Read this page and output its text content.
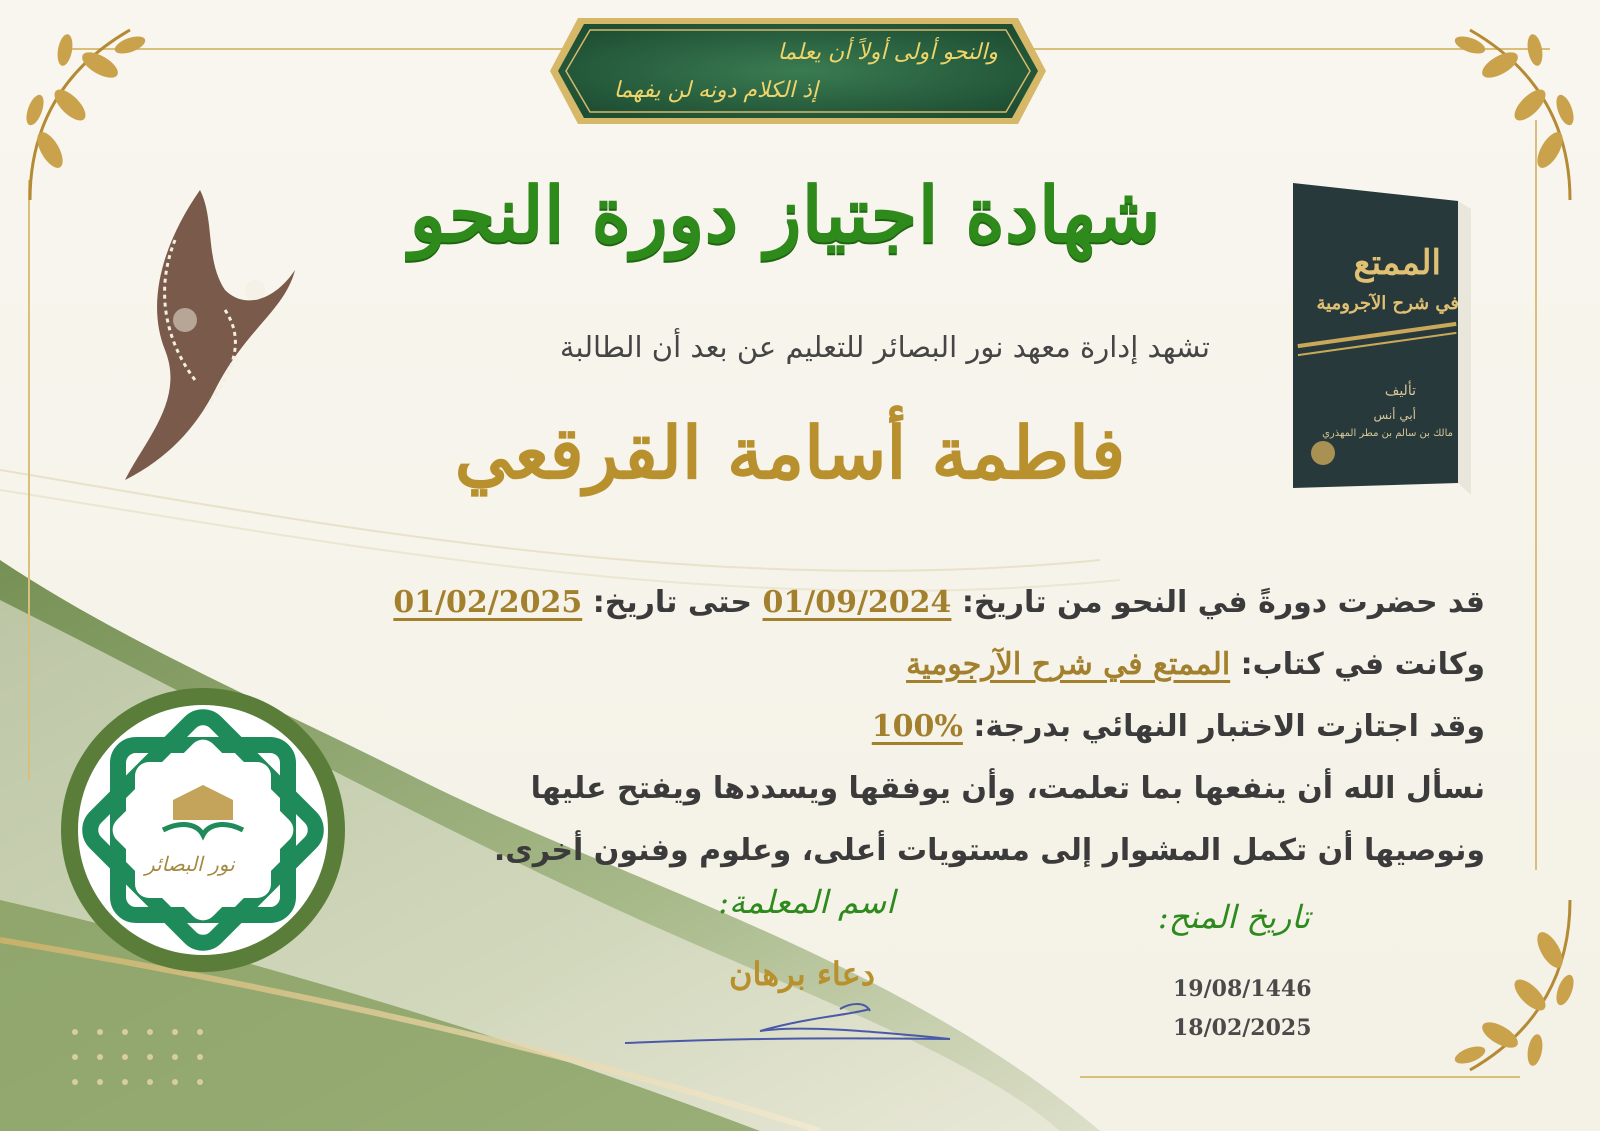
والنحو أولى أولاً أن يعلما
إذ الكلام دونه لن يفهما
شهادة اجتياز دورة النحو
تشهد إدارة معهد نور البصائر للتعليم عن بعد أن الطالبة
فاطمة أسامة القرقعي
الممتع
في شرح الآجرومية
تأليف
أبي أنس
مالك بن سالم بن مطر المهذري
قد حضرت دورةً في النحو من تاريخ: 01/09/2024 حتى تاريخ: 01/02/2025
وكانت في كتاب: الممتع في شرح الآرجومية
وقد اجتازت الاختبار النهائي بدرجة: 100%
نسأل الله أن ينفعها بما تعلمت، وأن يوفقها ويسددها ويفتح عليها
ونوصيها أن تكمل المشوار إلى مستويات أعلى، وعلوم وفنون أخرى.
نور البصائر
اسم المعلمة:
دعاء برهان
تاريخ المنح:
19/08/1446
18/02/2025
